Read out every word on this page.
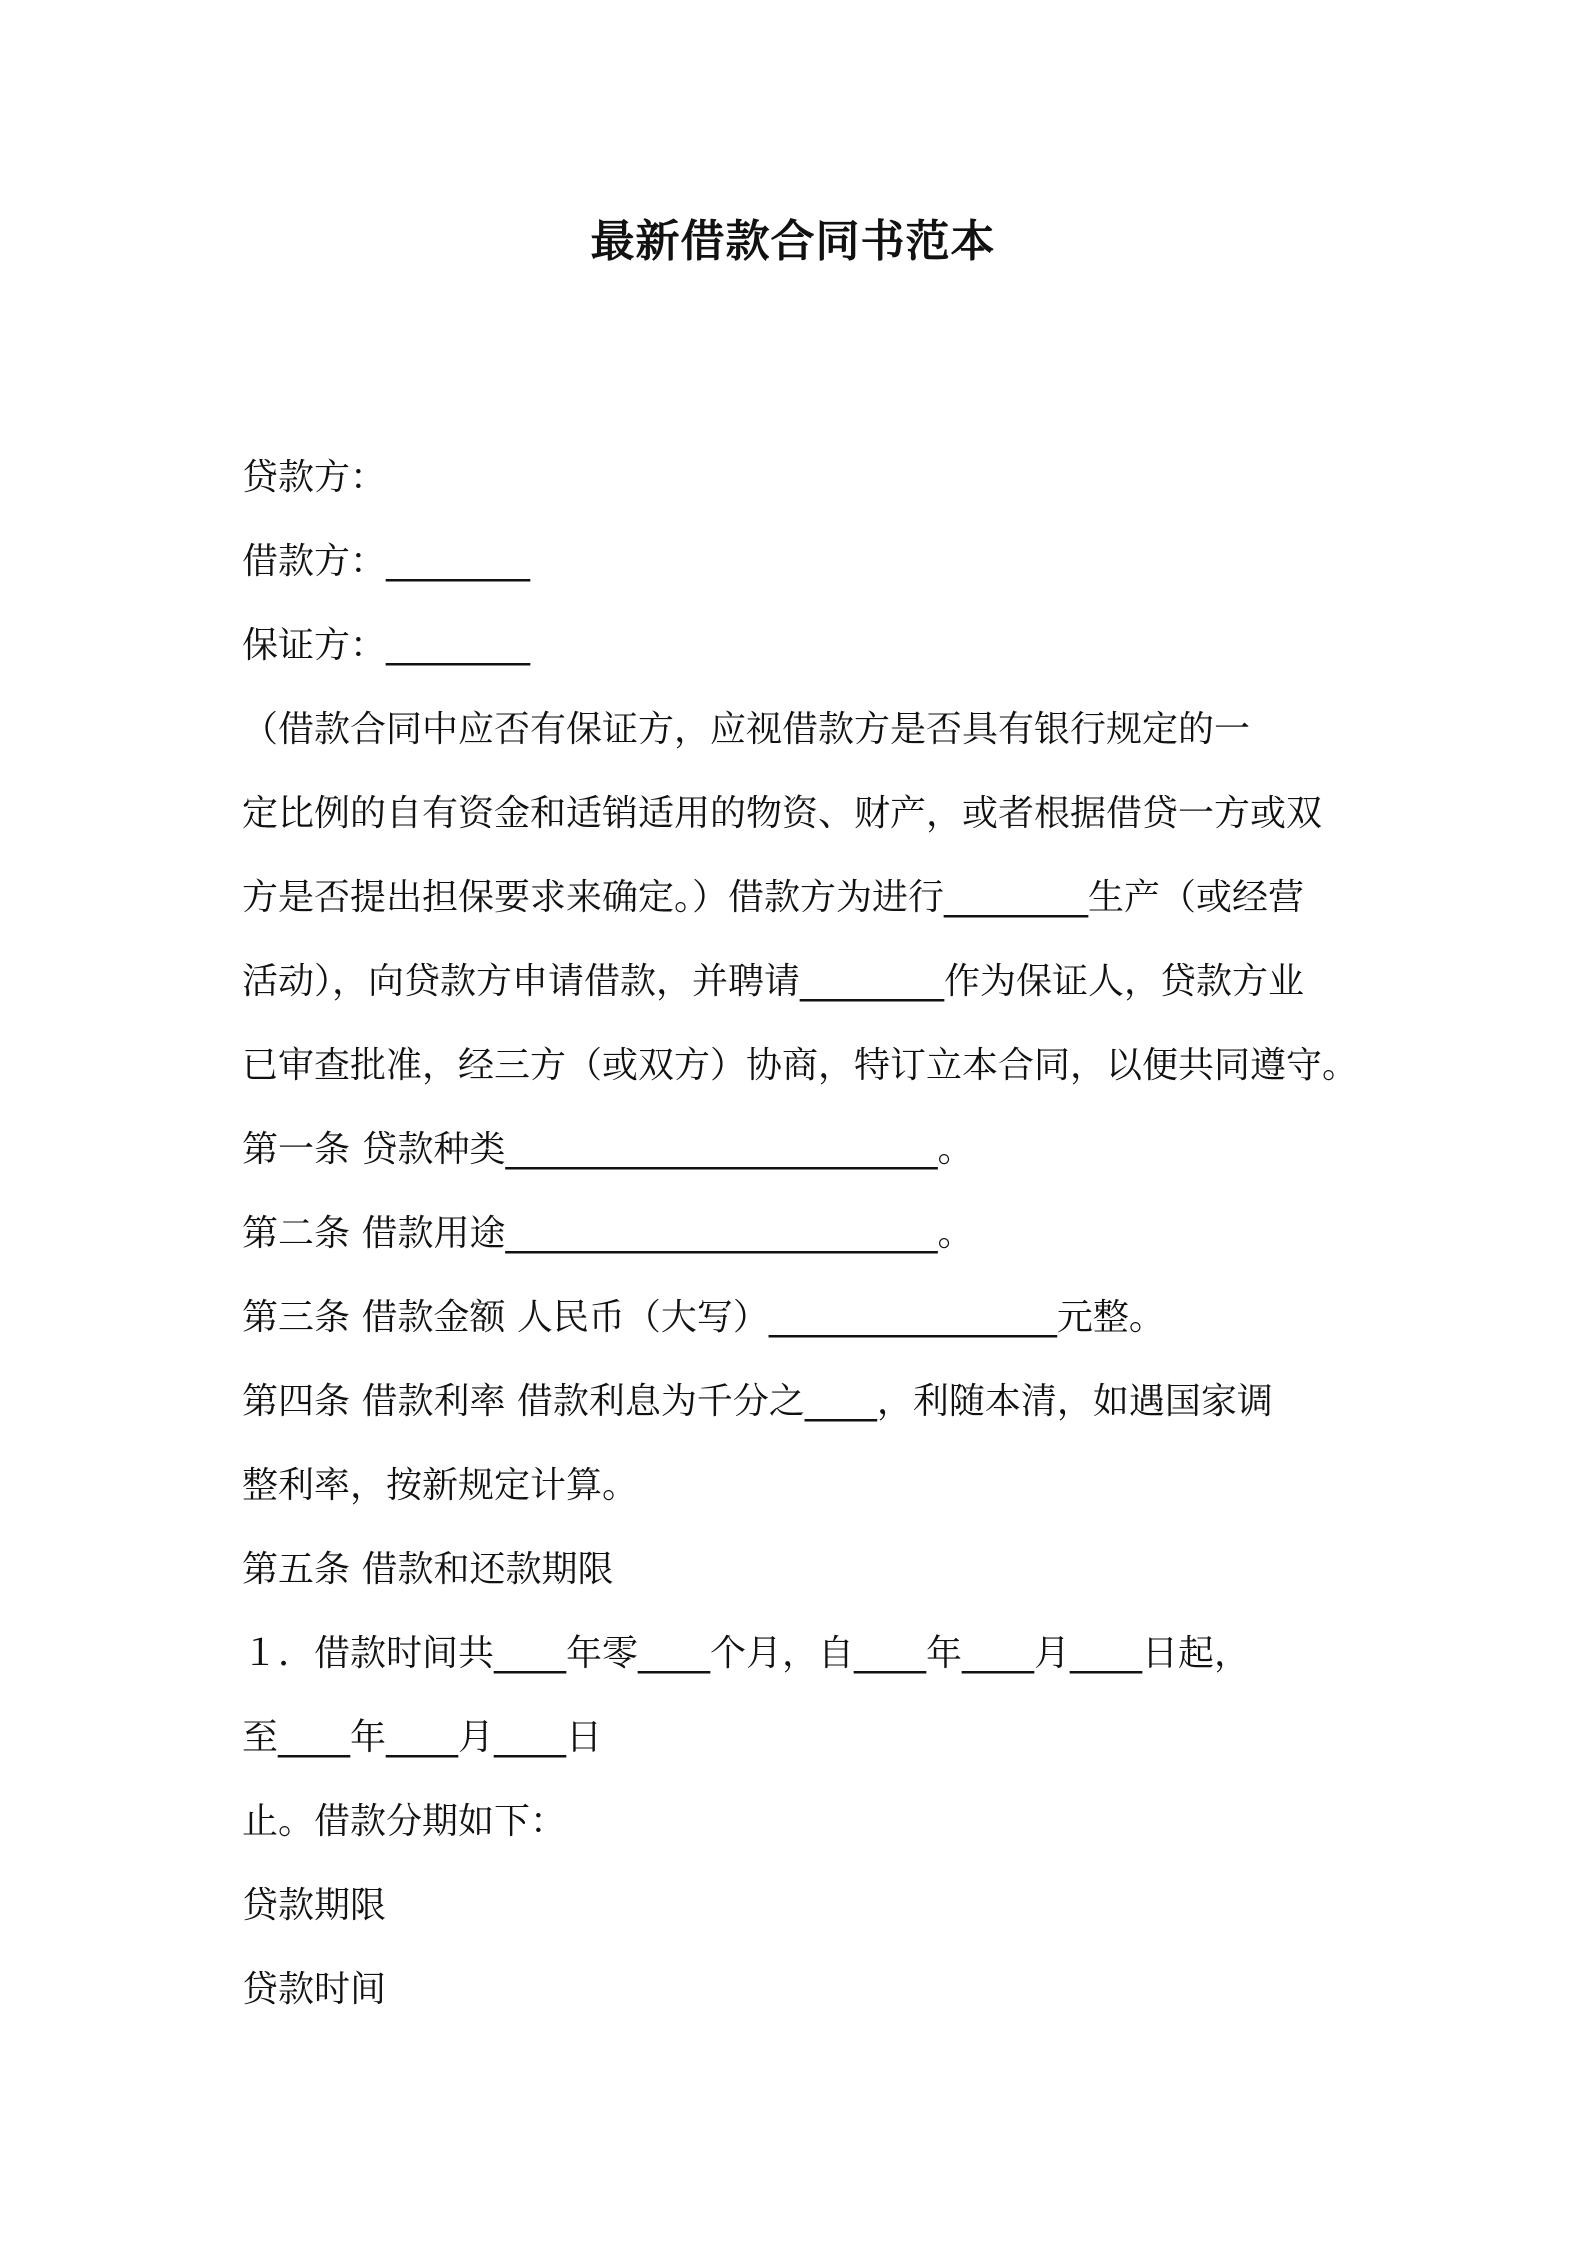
最新借款合同书范本
贷款方：
借款方：________
保证方：________
（借款合同中应否有保证方，应视借款方是否具有银行规定的一
定比例的自有资金和适销适用的物资、财产，或者根据借贷一方或双
方是否提出担保要求来确定。）借款方为进行________生产（或经营
活动），向贷款方申请借款，并聘请________作为保证人，贷款方业
已审查批准，经三方（或双方）协商，特订立本合同，以便共同遵守。
第一条 贷款种类________________________。
第二条 借款用途________________________。
第三条 借款金额 人民币（大写）________________元整。
第四条 借款利率 借款利息为千分之____，利随本清，如遇国家调
整利率，按新规定计算。
第五条 借款和还款期限
１．借款时间共____年零____个月，自____年____月____日起，
至____年____月____日
止。借款分期如下：
贷款期限
贷款时间
